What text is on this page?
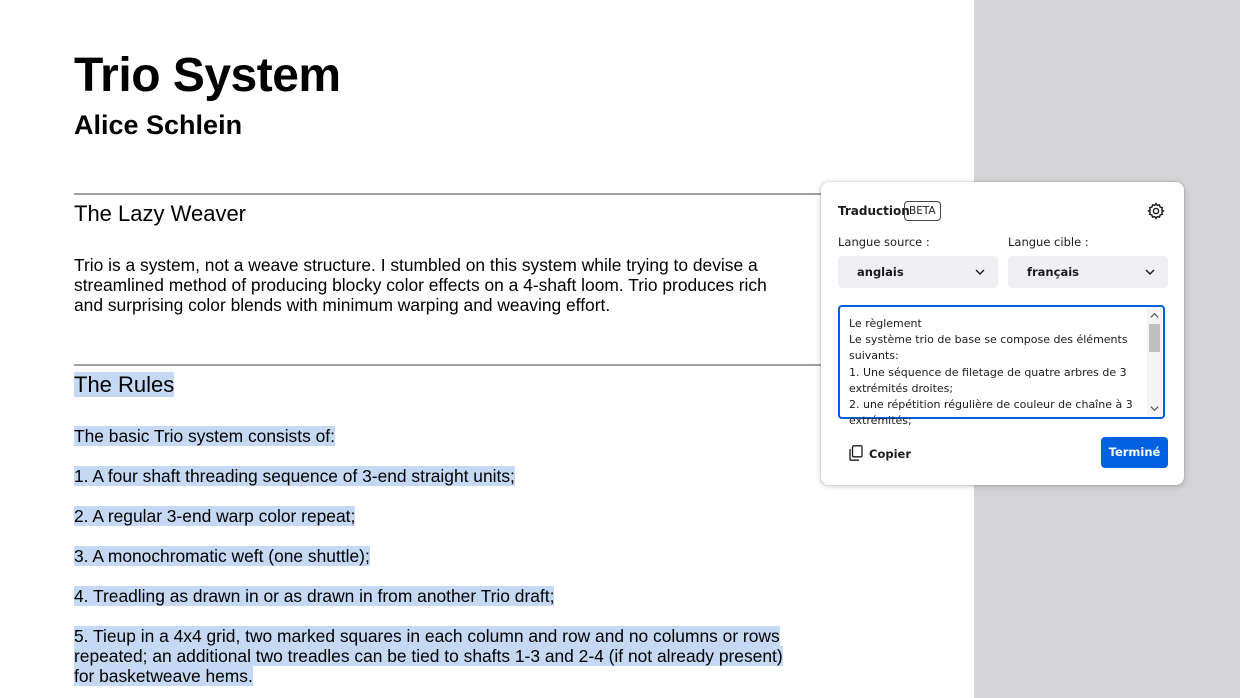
Trio System
Alice Schlein
The Lazy Weaver
Trio is a system, not a weave structure. I stumbled on this system while trying to devise a
streamlined method of producing blocky color effects on a 4-shaft loom. Trio produces rich
and surprising color blends with minimum warping and weaving effort.
The Rules
The basic Trio system consists of:
1. A four shaft threading sequence of 3-end straight units;
2. A regular 3-end warp color repeat;
3. A monochromatic weft (one shuttle);
4. Treadling as drawn in or as drawn in from another Trio draft;
5. Tieup in a 4x4 grid, two marked squares in each column and row and no columns or rows
repeated; an additional two treadles can be tied to shafts 1-3 and 2-4 (if not already present)
for basketweave hems.
Traduction BETA
Langue source :	Langue cible :
anglais	français
Le règlement
Le système trio de base se compose des éléments suivants:
1. Une séquence de filetage de quatre arbres de 3 extrémités droites;
2. une répétition régulière de couleur de chaîne à 3 extrémités;
Copier	Terminé
